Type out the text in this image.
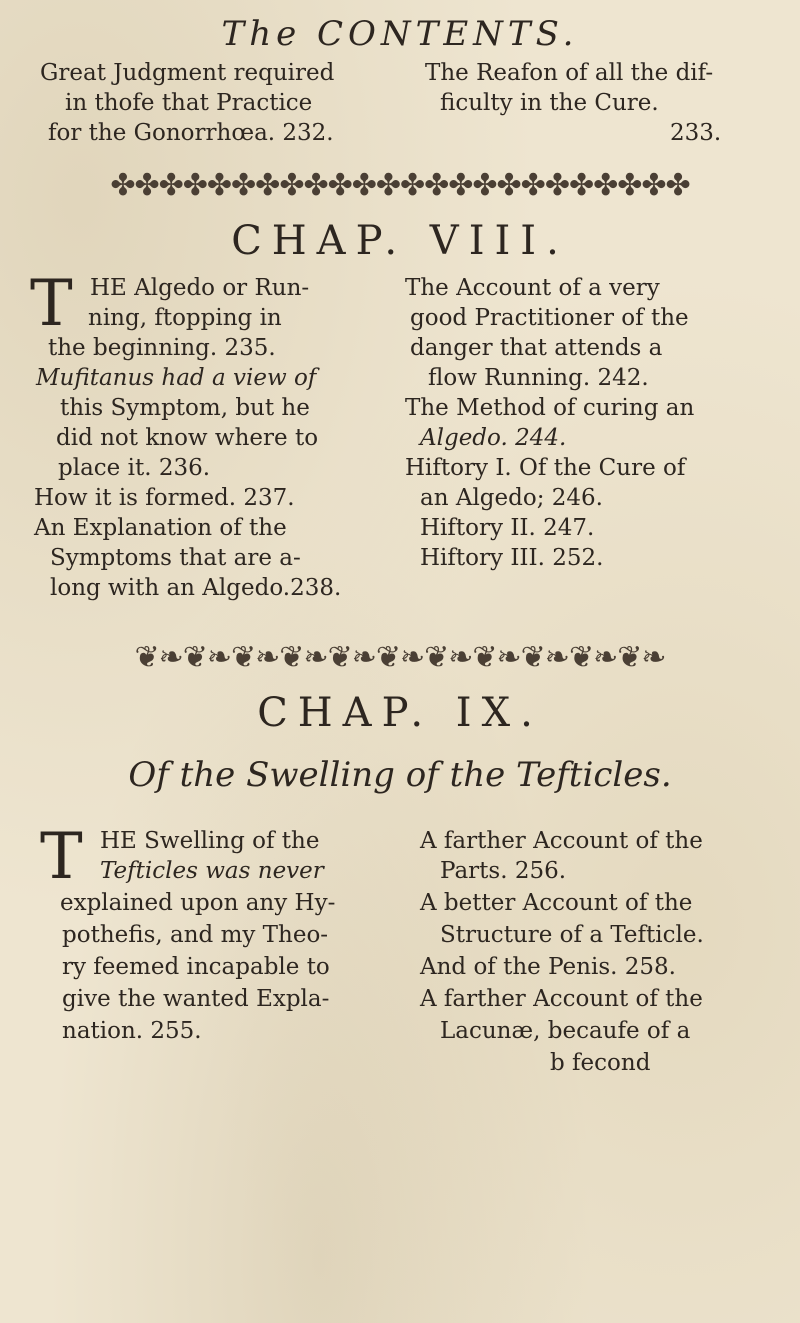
The CONTENTS.
Great Judgment required
in thofe that Practice
for the Gonorrhœa. 232.
The Reafon of all the dif-
ficulty in the Cure.
233.
✤✤✤✤✤✤✤✤✤✤✤✤✤✤✤✤✤✤✤✤✤✤✤✤
CHAP. VIII.
T HE Algedo or Run-
ning, ftopping in
the beginning. 235.
Mufitanus had a view of
this Symptom, but he
did not know where to
place it. 236.
How it is formed. 237.
An Explanation of the
Symptoms that are a-
long with an Algedo.238.
The Account of a very
good Practitioner of the
danger that attends a
flow Running. 242.
The Method of curing an
Algedo. 244.
Hiftory I. Of the Cure of
an Algedo; 246.
Hiftory II. 247.
Hiftory III. 252.
❦❧❦❧❦❧❦❧❦❧❦❧❦❧❦❧❦❧❦❧❦❧
CHAP. IX.
Of the Swelling of the Tefticles.
T HE Swelling of the
Tefticles was never
explained upon any Hy-
pothefis, and my Theo-
ry feemed incapable to
give the wanted Expla-
nation. 255.
A farther Account of the
Parts. 256.
A better Account of the
Structure of a Tefticle.
And of the Penis. 258.
A farther Account of the
Lacunæ, becaufe of a
b fecond
